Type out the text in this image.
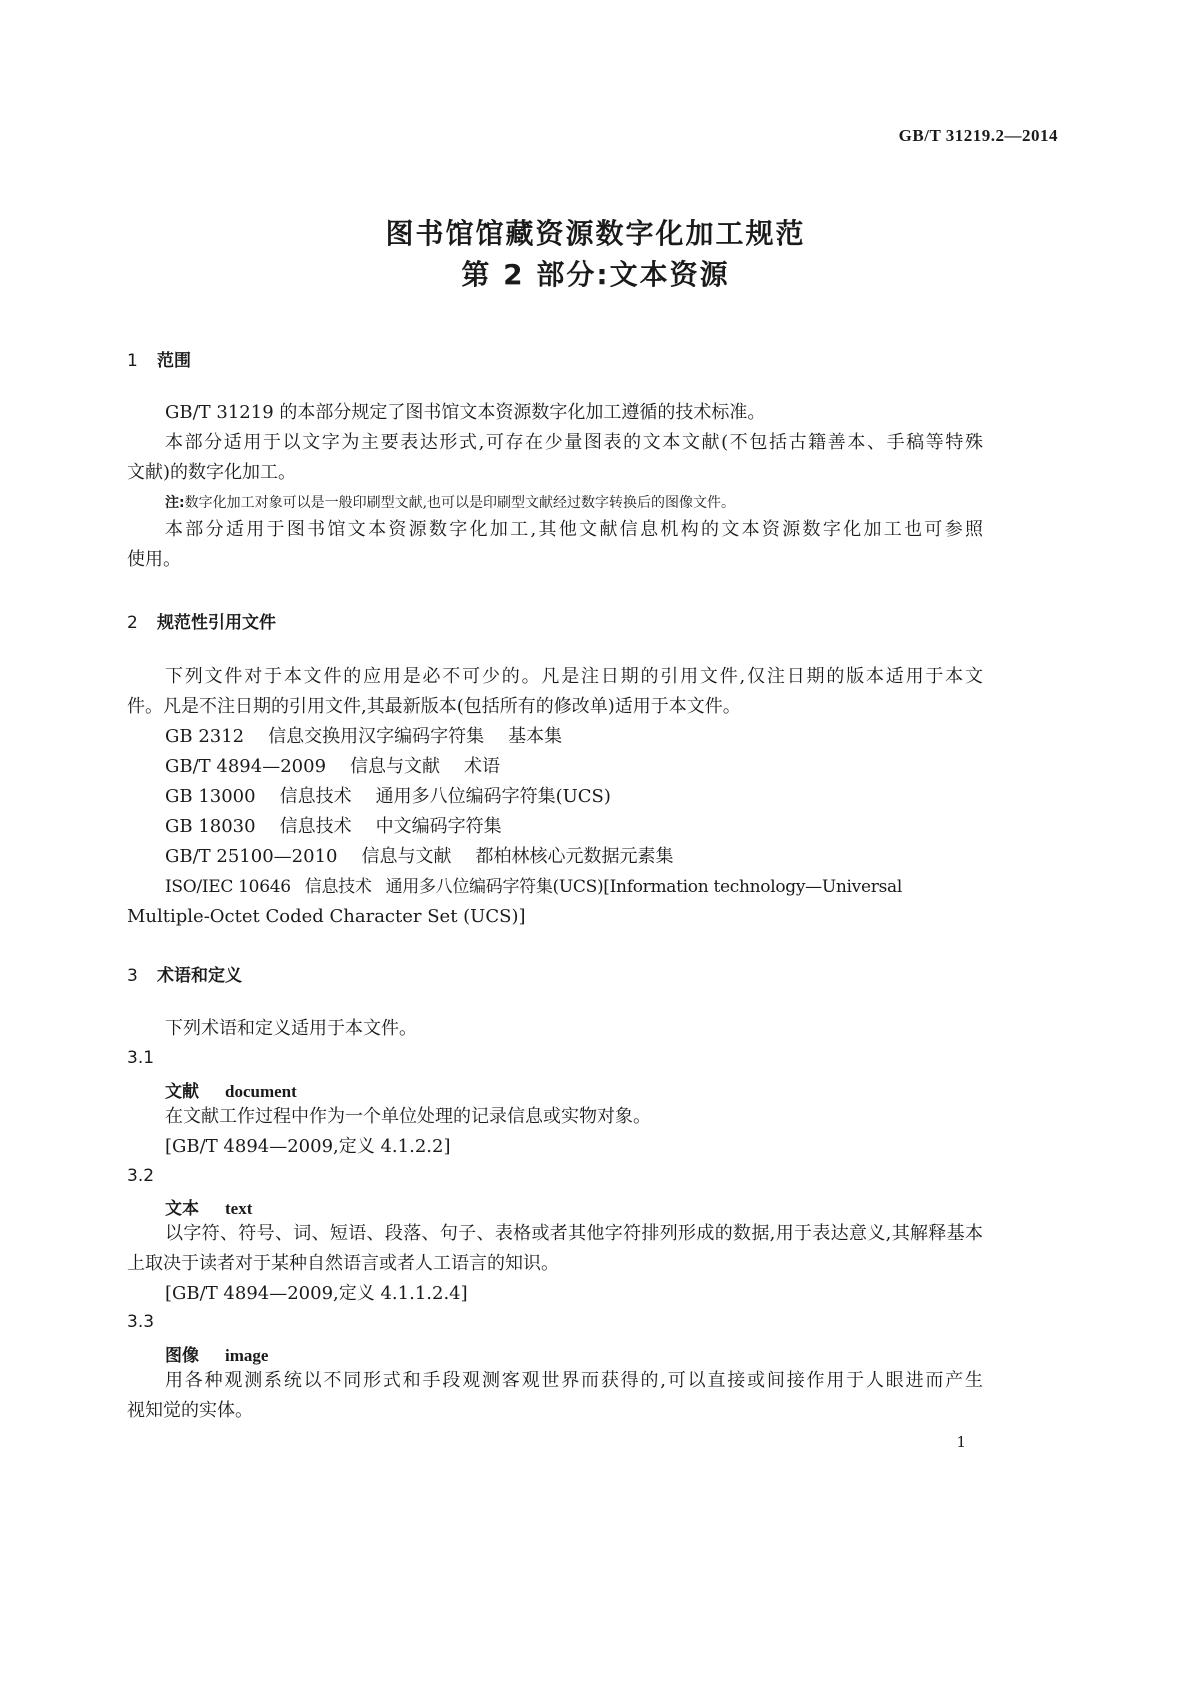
GB/T 31219.2—2014
图书馆馆藏资源数字化加工规范
第 2 部分:文本资源
1 范围
GB/T 31219 的本部分规定了图书馆文本资源数字化加工遵循的技术标准。
本部分适用于以文字为主要表达形式,可存在少量图表的文本文献(不包括古籍善本、手稿等特殊
文献)的数字化加工。
注:数字化加工对象可以是一般印刷型文献,也可以是印刷型文献经过数字转换后的图像文件。
本部分适用于图书馆文本资源数字化加工,其他文献信息机构的文本资源数字化加工也可参照
使用。
2 规范性引用文件
下列文件对于本文件的应用是必不可少的。凡是注日期的引用文件,仅注日期的版本适用于本文
件。凡是不注日期的引用文件,其最新版本(包括所有的修改单)适用于本文件。
GB 2312 信息交换用汉字编码字符集 基本集
GB/T 4894—2009 信息与文献 术语
GB 13000 信息技术 通用多八位编码字符集(UCS)
GB 18030 信息技术 中文编码字符集
GB/T 25100—2010 信息与文献 都柏林核心元数据元素集
ISO/IEC 10646 信息技术 通用多八位编码字符集(UCS)[Information technology—Universal
Multiple-Octet Coded Character Set (UCS)]
3 术语和定义
下列术语和定义适用于本文件。
3.1
文献 document
在文献工作过程中作为一个单位处理的记录信息或实物对象。
[GB/T 4894—2009,定义 4.1.2.2]
3.2
文本 text
以字符、符号、词、短语、段落、句子、表格或者其他字符排列形成的数据,用于表达意义,其解释基本
上取决于读者对于某种自然语言或者人工语言的知识。
[GB/T 4894—2009,定义 4.1.1.2.4]
3.3
图像 image
用各种观测系统以不同形式和手段观测客观世界而获得的,可以直接或间接作用于人眼进而产生
视知觉的实体。
1
